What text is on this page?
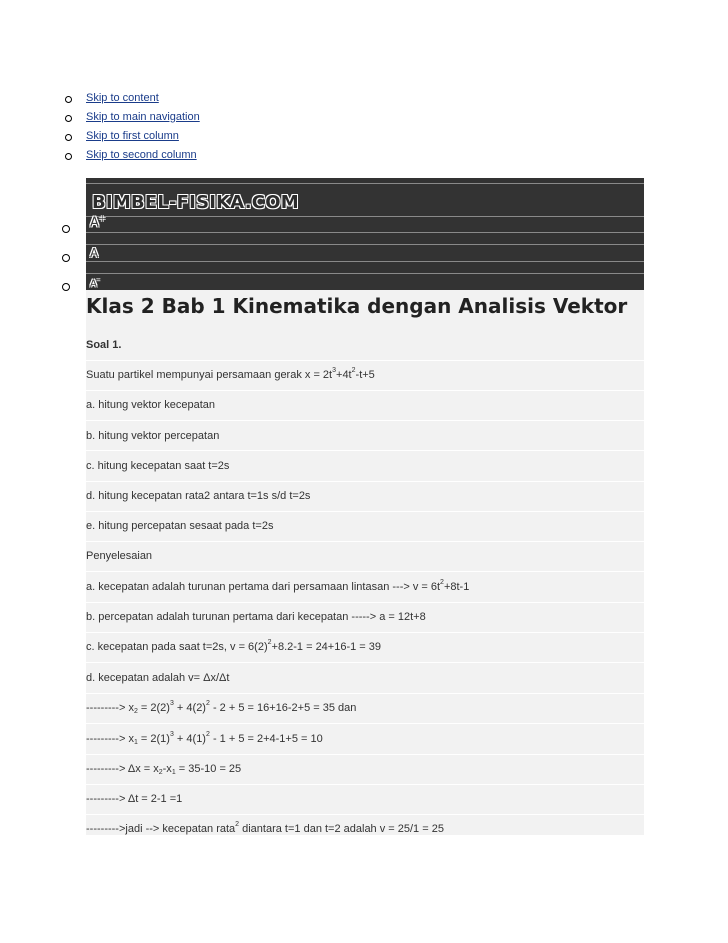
Skip to content
Skip to main navigation
Skip to first column
Skip to second column
BIMBEL-FISIKA.COM
A+
A
A-
Klas 2 Bab 1 Kinematika dengan Analisis Vektor
Soal 1.
Suatu partikel mempunyai persamaan gerak $x = 2t^3+4t^2-t+5$
a. hitung vektor kecepatan
b. hitung vektor percepatan
c. hitung kecepatan saat t=2s
d. hitung kecepatan rata2 antara t=1s s/d t=2s
e. hitung percepatan sesaat pada t=2s
Penyelesaian
a. kecepatan adalah turunan pertama dari persamaan lintasan ---> $v = 6t^2+8t-1$
b. percepatan adalah turunan pertama dari kecepatan -----> a = 12t+8
c. kecepatan pada saat t=2s, $v = 6(2)^2+8.2-1 = 24+16-1 = 39$
d. kecepatan adalah v= Δx/Δt
---------> $x_2 = 2(2)^3 + 4(2)^2 - 2 + 5 = 16+16-2+5 = 35$ dan
---------> $x_1 = 2(1)^3 + 4(1)^2 - 1 + 5 = 2+4-1+5 = 10$
---------> $\Delta x = x_2-x_1 = 35-10 = 25$
---------> Δt = 2-1 =1
--------->jadi --> kecepatan rata$^2$ diantara t=1 dan t=2 adalah v = 25/1 = 25
